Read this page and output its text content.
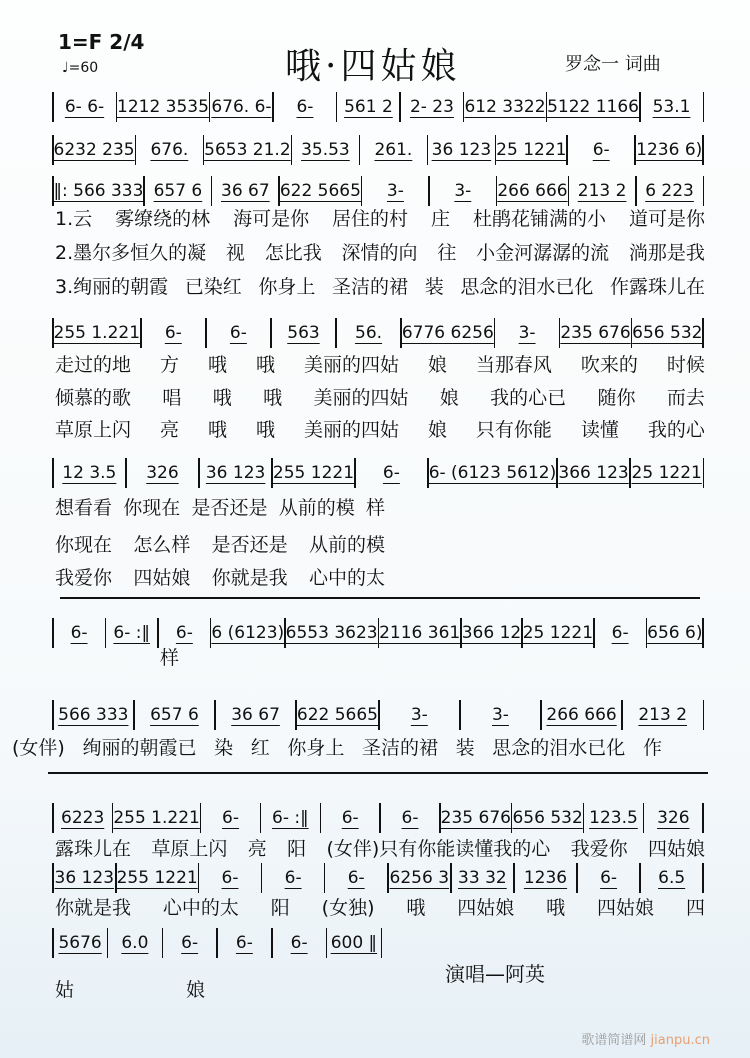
1=F 2/4
♩=60	哦·四姑娘	罗念一 词曲
6- 6- 1212 3535 676. 6-	6-	561 2	2- 23 612 3322 5122 1166 53.1
6232 235 676. 5653 21.2 35.53	261.	36 123 25 1221	6-	1236 6)
‖: 566 333 657 6	36 67 622 5665	3-	3-	266 666 213 2	6 223
1.云 雾缭绕的林 海可是你 居住的村 庄 杜鹃花铺满的小 道可是你
2.墨尔多恒久的凝 视 怎比我 深情的向 往 小金河潺潺的流 淌那是我
3.绚丽的朝霞 已染红 你身上 圣洁的裙 装 思念的泪水已化 作露珠儿在
255 1.221	6-	6-	563	56.	6776 6256	3-	235 676 656 532
走过的地 方 哦 哦 美丽的四姑 娘 当那春风 吹来的 时候
倾慕的歌 唱 哦 哦 美丽的四姑 娘 我的心已 随你 而去
草原上闪 亮 哦 哦 美丽的四姑 娘 只有你能 读懂 我的心
12 3.5	326	36 123 255 1221	6-	6- (6123 5612) 366 123 25 1221
想看看 你现在 是否还是 从前的模 样
你现在 怎么样 是否还是 从前的模
我爱你 四姑娘 你就是我 心中的太
6-	6- :‖	6-	6 (6123) 6553 3623 2116 361 366 12 25 1221	6-	656 6)
样
566 333	657 6	36 67 622 5665	3-	3-	266 666	213 2
(女伴) 绚丽的朝霞已 染 红 你身上 圣洁的裙 装 思念的泪水已化 作
6223 255 1.221	6-	6- :‖	6-	6-	235 676 656 532 123.5	326
露珠儿在 草原上闪 亮 阳 (女伴)只有你能读懂我的心 我爱你 四姑娘
36 123 255 1221	6-	6-	6-	6256 3 33 32	1236	6-	6.5
你就是我 心中的太 阳 (女独) 哦 四姑娘 哦 四姑娘 四
5676	6.0	6-	6-	6-	600 ‖
姑	娘
演唱—阿英
歌谱简谱网 jianpu.cn
